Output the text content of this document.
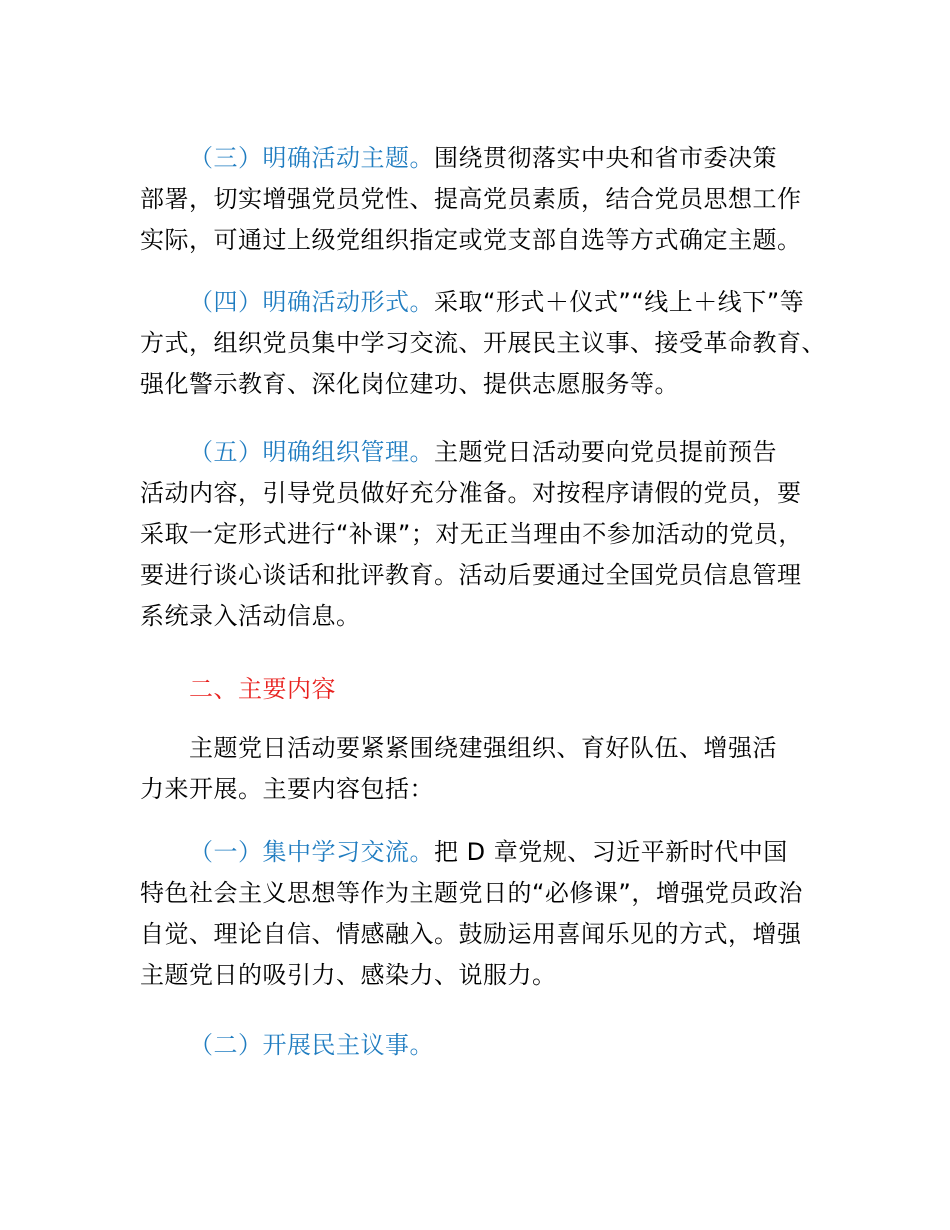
（三）明确活动主题。围绕贯彻落实中央和省市委决策
部署，切实增强党员党性、提高党员素质，结合党员思想工作
实际，可通过上级党组织指定或党支部自选等方式确定主题。
（四）明确活动形式。采取“形式＋仪式”“线上＋线下”等
方式，组织党员集中学习交流、开展民主议事、接受革命教育、
强化警示教育、深化岗位建功、提供志愿服务等。
（五）明确组织管理。主题党日活动要向党员提前预告
活动内容，引导党员做好充分准备。对按程序请假的党员，要
采取一定形式进行“补课”；对无正当理由不参加活动的党员，
要进行谈心谈话和批评教育。活动后要通过全国党员信息管理
系统录入活动信息。
二、主要内容
主题党日活动要紧紧围绕建强组织、育好队伍、增强活
力来开展。主要内容包括：
（一）集中学习交流。把 D 章党规、习近平新时代中国
特色社会主义思想等作为主题党日的“必修课”，增强党员政治
自觉、理论自信、情感融入。鼓励运用喜闻乐见的方式，增强
主题党日的吸引力、感染力、说服力。
（二）开展民主议事。
